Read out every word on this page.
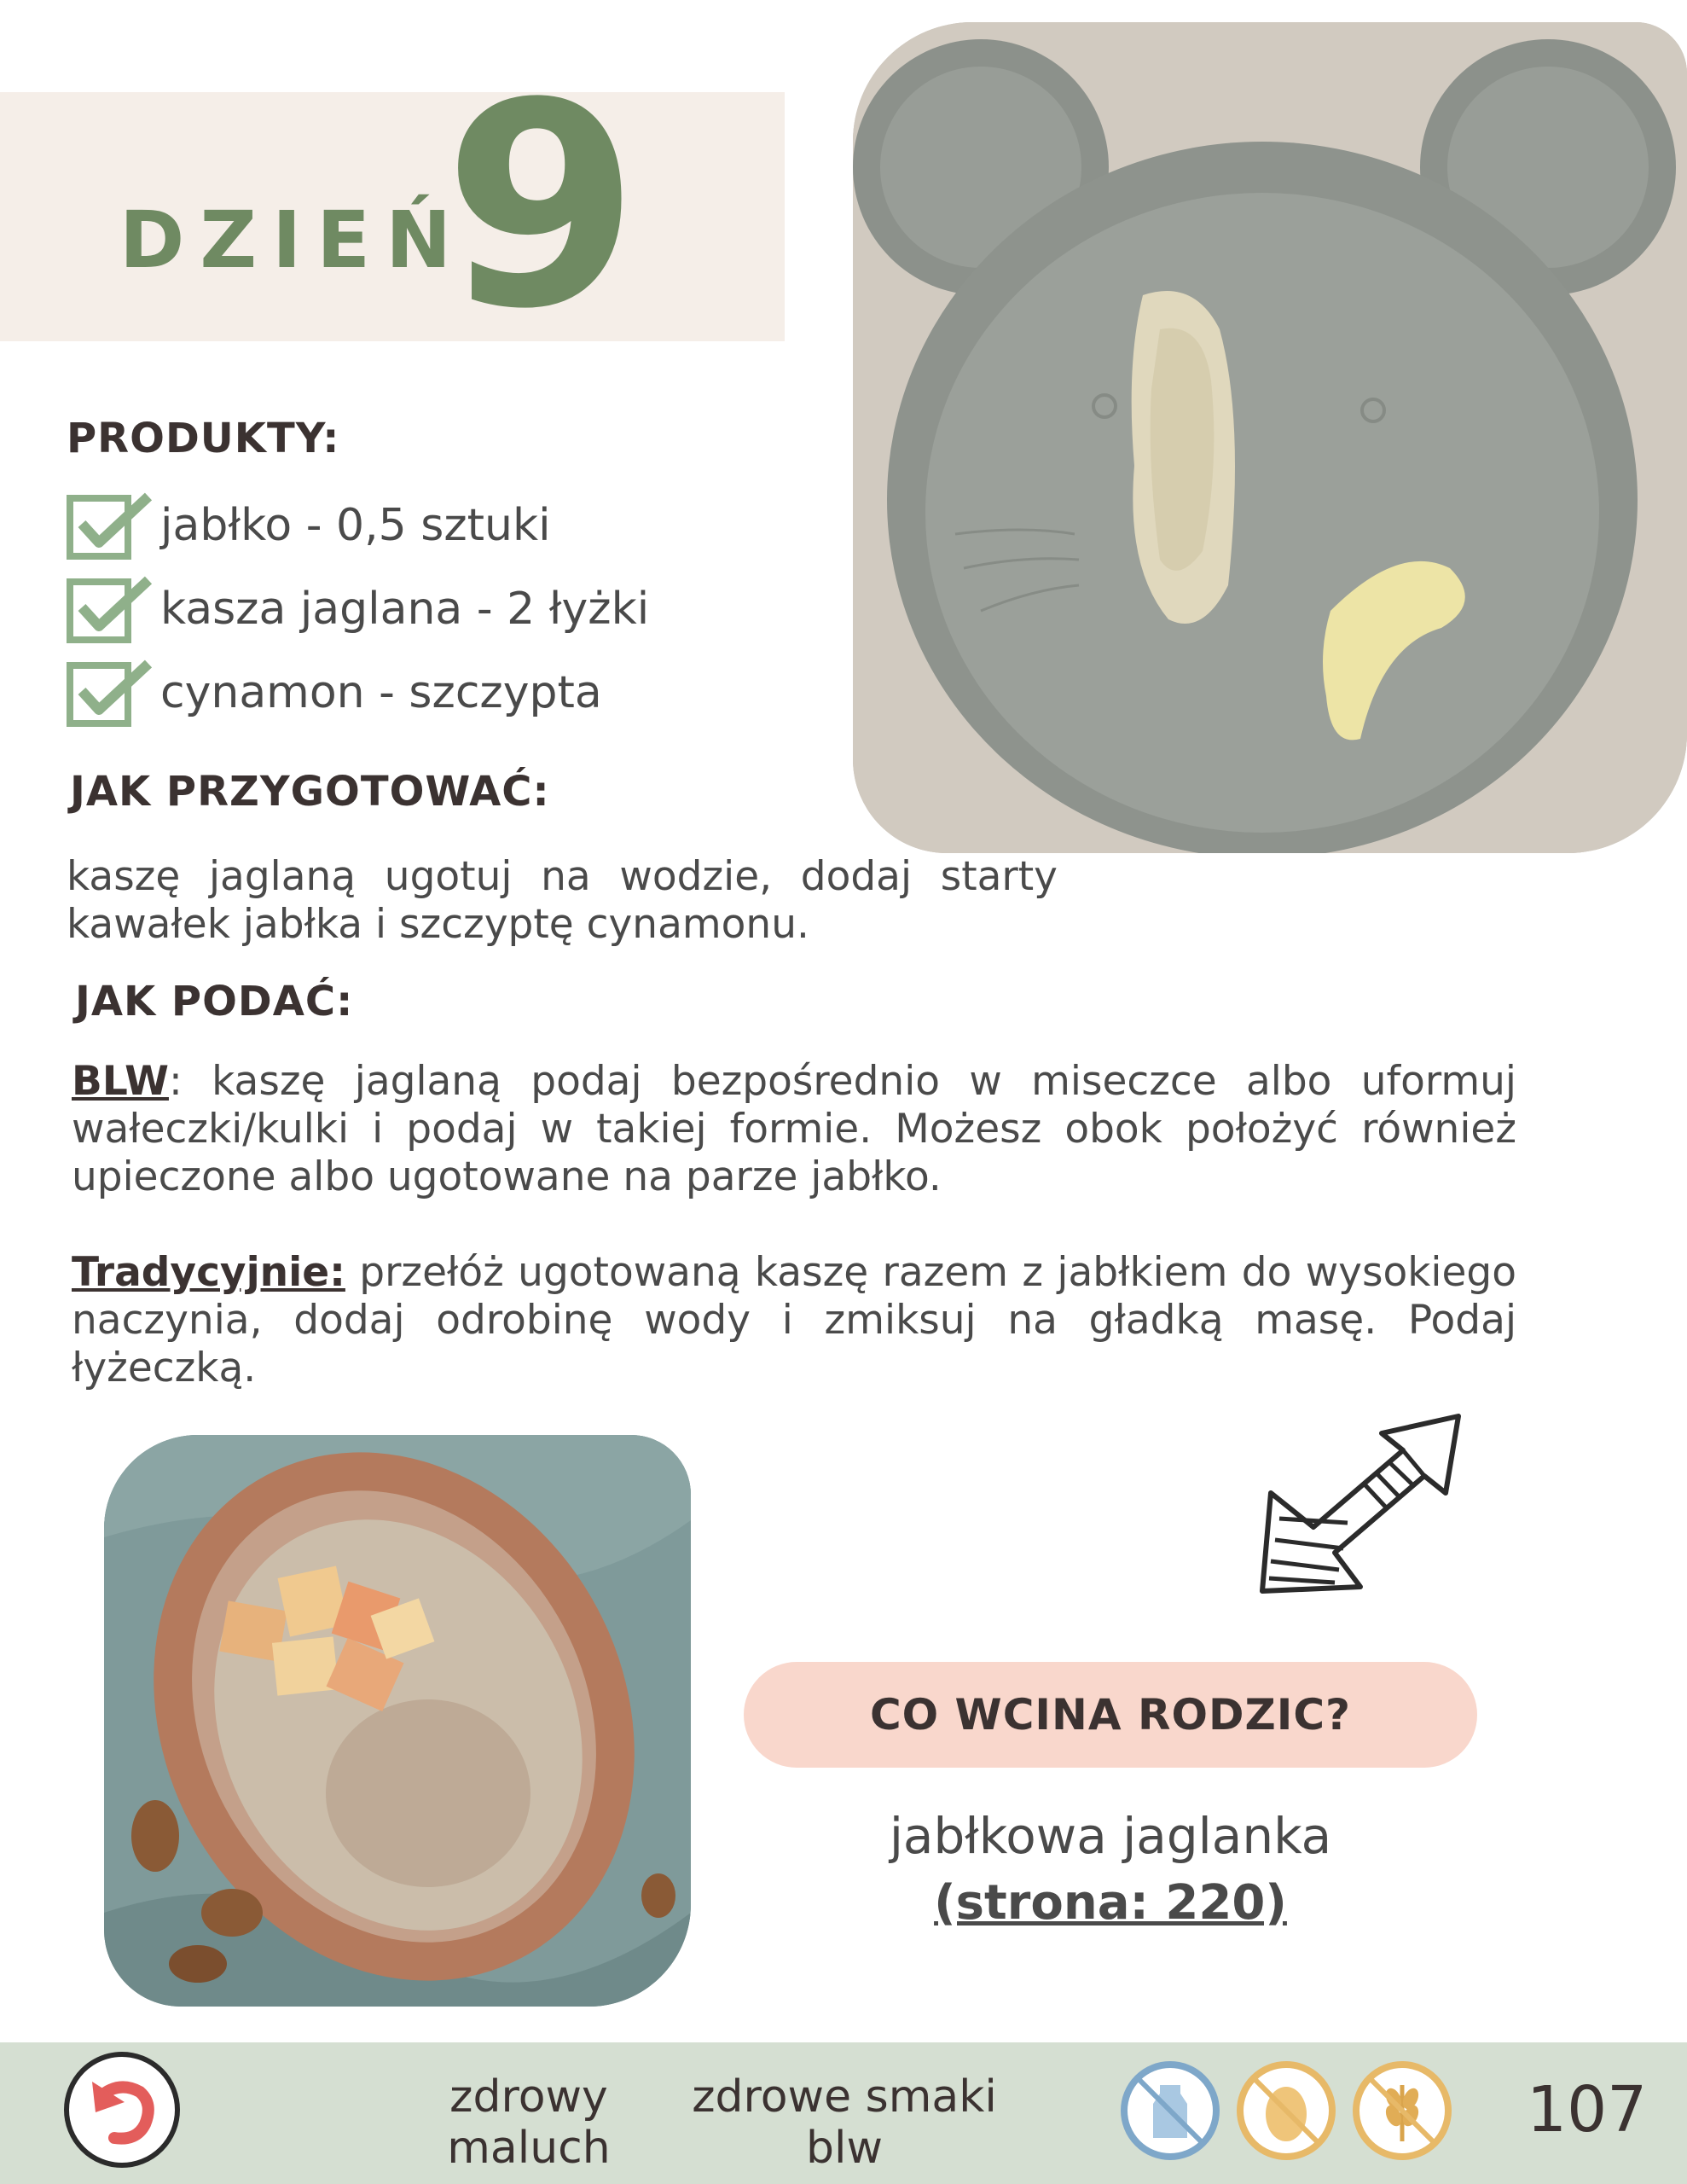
DZIEŃ
9
PRODUKTY:
jabłko - 0,5 sztuki
kasza jaglana - 2 łyżki
cynamon - szczypta
JAK PRZYGOTOWAĆ:
kaszę jaglaną ugotuj na wodzie, dodaj starty kawałek jabłka i szczyptę cynamonu.
JAK PODAĆ:
BLW: kaszę jaglaną podaj bezpośrednio w miseczce albo uformuj wałeczki/kulki i podaj w takiej formie. Możesz obok położyć również upieczone albo ugotowane na parze jabłko.
Tradycyjnie: przełóż ugotowaną kaszę razem z jabłkiem do wysokiego naczynia, dodaj odrobinę wody i zmiksuj na gładką masę. Podaj łyżeczką.
CO WCINA RODZIC?
jabłkowa jaglanka
(strona: 220)
zdrowy
maluch
zdrowe smaki
blw
107
